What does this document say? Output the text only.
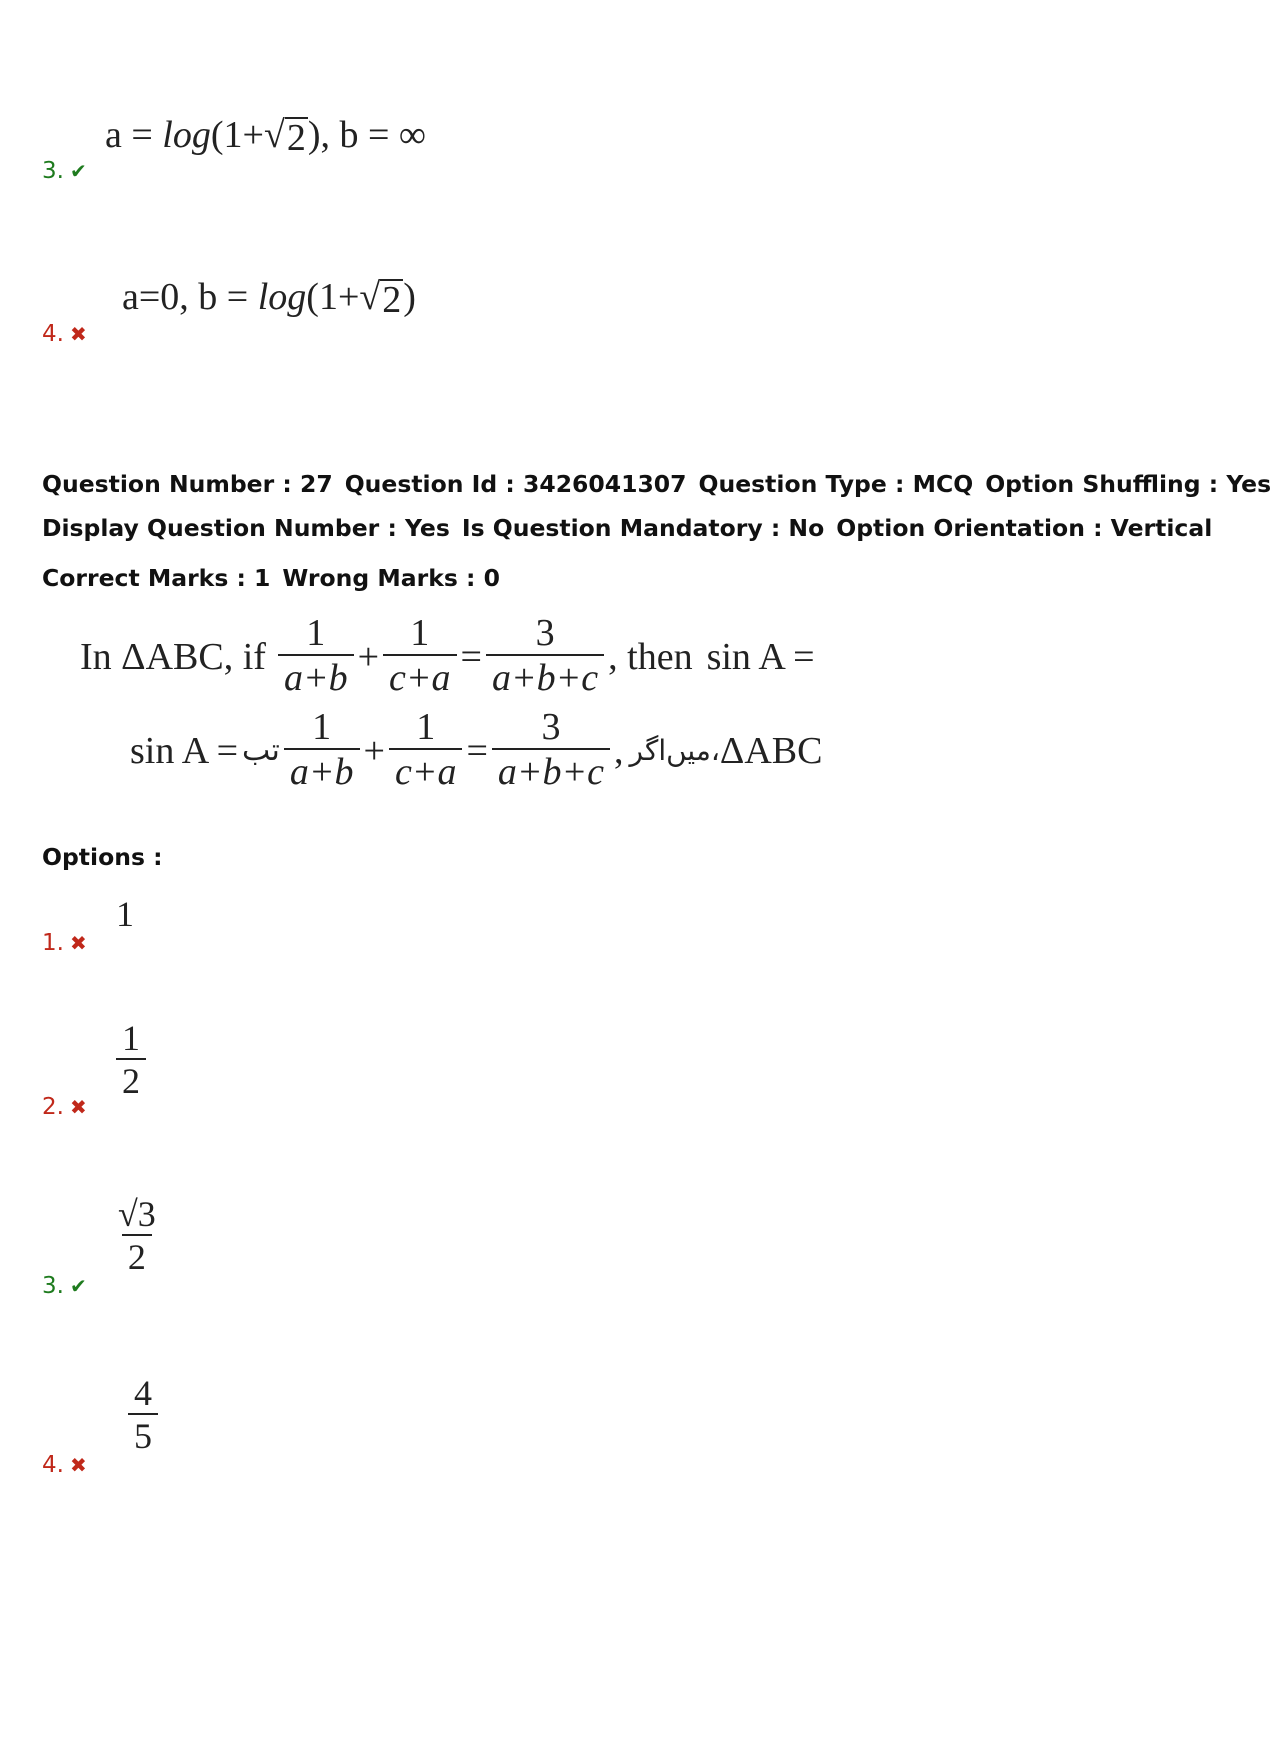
a = log(1+√ 2 ), b = ∞
3. ✔
a=0, b = log(1+√ 2 )
4. ✖
Question Number : 27 Question Id : 3426041307 Question Type : MCQ Option Shuffling : Yes
Display Question Number : Yes Is Question Mandatory : No Option Orientation : Vertical
Correct Marks : 1 Wrong Marks : 0
In ΔABC, if $\frac{1}{a+b} + \frac{1}{c+a} = \frac{3}{a+b+c}$ , then sin A =
sin A = تب $\frac{1}{a+b} + \frac{1}{c+a} = \frac{3}{a+b+c}$ , اگر میں، ΔABC
Options :
1
1. ✖
$\frac{1}{2}$
2. ✖
$\frac{√3}{2}$
3. ✔
$\frac{4}{5}$
4. ✖
